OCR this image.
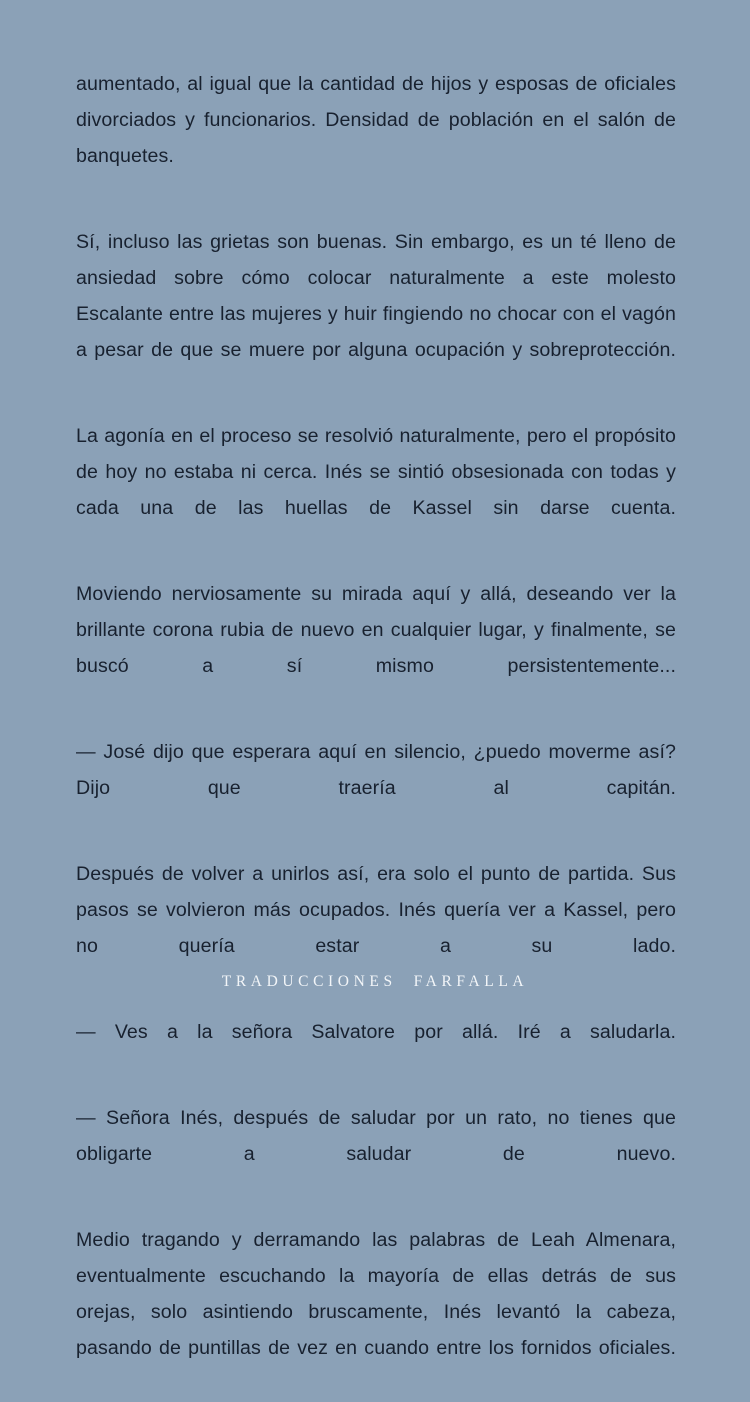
aumentado, al igual que la cantidad de hijos y esposas de oficiales divorciados y funcionarios. Densidad de población en el salón de banquetes.

Sí, incluso las grietas son buenas. Sin embargo, es un té lleno de ansiedad sobre cómo colocar naturalmente a este molesto Escalante entre las mujeres y huir fingiendo no chocar con el vagón a pesar de que se muere por alguna ocupación y sobreprotección.

La agonía en el proceso se resolvió naturalmente, pero el propósito de hoy no estaba ni cerca. Inés se sintió obsesionada con todas y cada una de las huellas de Kassel sin darse cuenta.

Moviendo nerviosamente su mirada aquí y allá, deseando ver la brillante corona rubia de nuevo en cualquier lugar, y finalmente, se buscó a sí mismo persistentemente...

— José dijo que esperara aquí en silencio, ¿puedo moverme así? Dijo que traería al capitán.

Después de volver a unirlos así, era solo el punto de partida. Sus pasos se volvieron más ocupados. Inés quería ver a Kassel, pero no quería estar a su lado.

— Ves a la señora Salvatore por allá. Iré a saludarla.

— Señora Inés, después de saludar por un rato, no tienes que obligarte a saludar de nuevo.

Medio tragando y derramando las palabras de Leah Almenara, eventualmente escuchando la mayoría de ellas detrás de sus orejas, solo asintiendo bruscamente, Inés levantó la cabeza, pasando de puntillas de vez en cuando entre los fornidos oficiales.

TRADUCCIONES  FARFALLA
